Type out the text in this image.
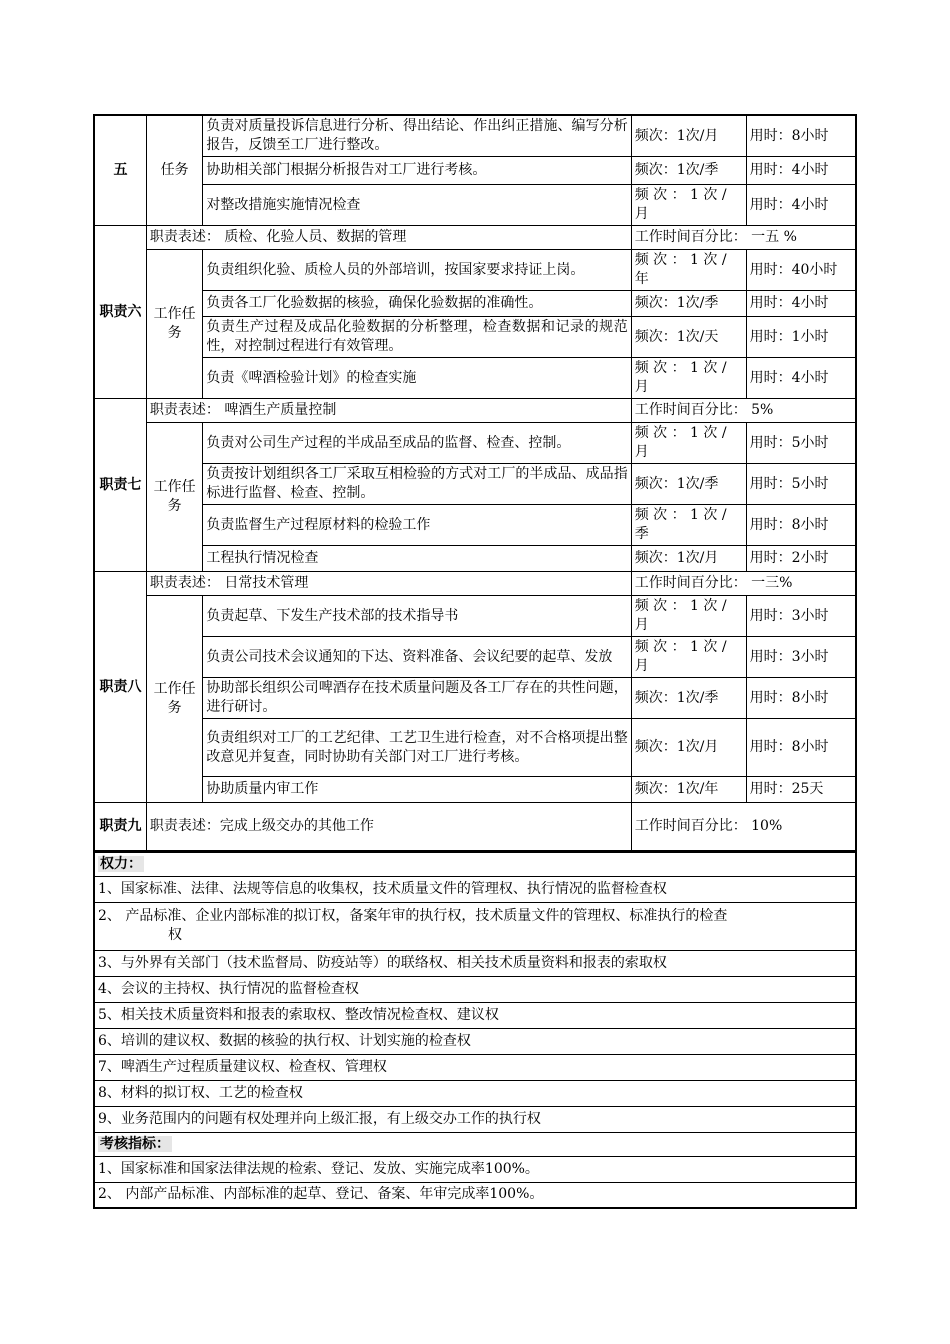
五	任务	负责对质量投诉信息进行分析、得出结论、作出纠正措施、编写分析报告，反馈至工厂进行整改。	频次：1次/月	用时：8小时
		协助相关部门根据分析报告对工厂进行考核。	频次：1次/季	用时：4小时
		对整改措施实施情况检查	频 次 ： 1 次 / 月	用时：4小时
职责六	职责表述： 质检、化验人员、数据的管理		工作时间百分比： 一五 %	
	工作任务	负责组织化验、质检人员的外部培训，按国家要求持证上岗。	频 次 ： 1 次 / 年	用时：40小时
		负责各工厂化验数据的核验，确保化验数据的准确性。	频次：1次/季	用时：4小时
		负责生产过程及成品化验数据的分析整理，检查数据和记录的规范性，对控制过程进行有效管理。	频次：1次/天	用时：1小时
		负责《啤酒检验计划》的检查实施	频 次 ： 1 次 / 月	用时：4小时
职责七	职责表述： 啤酒生产质量控制		工作时间百分比： 5%	
	工作任务	负责对公司生产过程的半成品至成品的监督、检查、控制。	频 次 ： 1 次 / 月	用时：5小时
		负责按计划组织各工厂采取互相检验的方式对工厂的半成品、成品指标进行监督、检查、控制。	频次：1次/季	用时：5小时
		负责监督生产过程原材料的检验工作	频 次 ： 1 次 / 季	用时：8小时
		工程执行情况检查	频次：1次/月	用时：2小时
职责八	职责表述： 日常技术管理		工作时间百分比： 一三%	
	工作任务	负责起草、下发生产技术部的技术指导书	频 次 ： 1 次 / 月	用时：3小时
		负责公司技术会议通知的下达、资料准备、会议纪要的起草、发放	频 次 ： 1 次 / 月	用时：3小时
		协助部长组织公司啤酒存在技术质量问题及各工厂存在的共性问题，进行研讨。	频次：1次/季	用时：8小时
		负责组织对工厂的工艺纪律、工艺卫生进行检查，对不合格项提出整改意见并复查，同时协助有关部门对工厂进行考核。	频次：1次/月	用时：8小时
		协助质量内审工作	频次：1次/年	用时：25天
职责九	职责表述：完成上级交办的其他工作		工作时间百分比： 10%	
权力：
1、国家标准、法律、法规等信息的收集权，技术质量文件的管理权、执行情况的监督检查权

2、 产品标准、企业内部标准的拟订权，备案年审的执行权，技术质量文件的管理权、标准执行的检查
权

3、与外界有关部门（技术监督局、防疫站等）的联络权、相关技术质量资料和报表的索取权
4、会议的主持权、执行情况的监督检查权
5、相关技术质量资料和报表的索取权、整改情况检查权、建议权
6、培训的建议权、数据的核验的执行权、计划实施的检查权
7、啤酒生产过程质量建议权、检查权、管理权
8、材料的拟订权、工艺的检查权
9、业务范围内的问题有权处理并向上级汇报，有上级交办工作的执行权
考核指标：
1、国家标准和国家法律法规的检索、登记、发放、实施完成率100%。
2、 内部产品标准、内部标准的起草、登记、备案、年审完成率100%。
